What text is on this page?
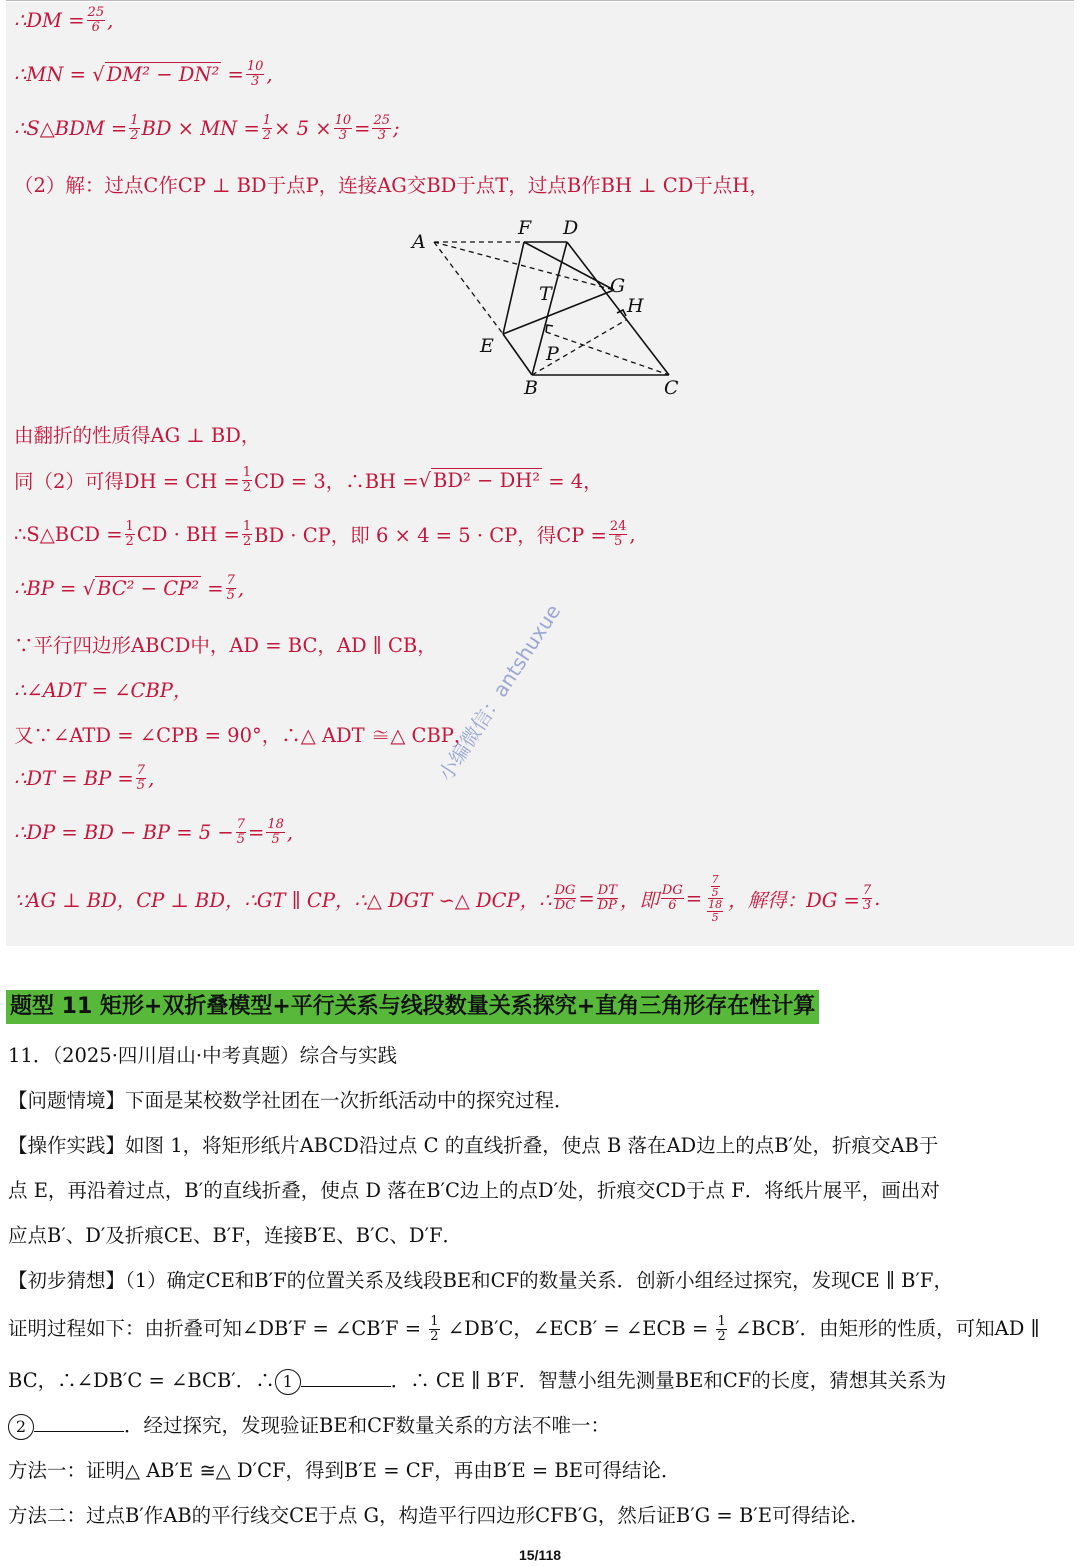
∴DM = $\frac{25}{6}$ ,
∴MN =
√ DM² − DN²
= $\frac{10}{3}$ ,
∴S△BDM = $\frac{1}{2}$ BD × MN = $\frac{1}{2} \times 5 \times \frac{10}{3} = \frac{25}{3}$ ;
（2）解：过点C作CP ⊥ BD于点P，连接AG交BD于点T，过点B作BH ⊥ CD于点H，
A
F D
T	G
H
E	P
B	C
由翻折的性质得AG ⊥ BD，
同（2）可得DH = CH = $\frac{1}{2}$ CD = 3，∴BH = √ BD² − DH²
= 4，
∴S△BCD = $\frac{1}{2}$ CD · BH = $\frac{1}{2}$ BD · CP，即 6 × 4 = 5 · CP，得CP = $\frac{24}{5}$ ,
∴BP =
√ BC² − CP²
= $\frac{7}{5}$ ,
∵平行四边形ABCD中，AD = BC，AD ∥ CB，
∴∠ADT = ∠CBP，
又∵∠ATD = ∠CPB = 90°，∴△ ADT ≅△ CBP，
∴DT = BP = $\frac{7}{5}$ ,
∴DP = BD − BP = $5 - \frac{7}{5} = \frac{18}{5}$ ,
∵AG ⊥ BD，CP ⊥ BD，∴GT ∥ CP，∴△ DGT ∽△ DCP，∴ $\frac{DG}{DC} = \frac{DT}{DP}$ ，即 $\frac{DG}{6} = \frac{\frac{7}{5}}{\frac{18}{5}}$ ，解得：DG = $\frac{7}{3}$ .
小编微信：antshuxue
题型 11 矩形+双折叠模型+平行关系与线段数量关系探究+直角三角形存在性计算
11．（2025·四川眉山·中考真题）综合与实践
【问题情境】下面是某校数学社团在一次折纸活动中的探究过程．
【操作实践】如图 1，将矩形纸片ABCD沿过点 C 的直线折叠，使点 B 落在AD边上的点B′处，折痕交AB于
点 E，再沿着过点，B′的直线折叠，使点 D 落在B′C边上的点D′处，折痕交CD于点 F．将纸片展平，画出对
应点B′、D′及折痕CE、B′F，连接B′E、B′C、D′F．
【初步猜想】（1）确定CE和B′F的位置关系及线段BE和CF的数量关系．创新小组经过探究，发现CE ∥ B′F，
证明过程如下：由折叠可知∠DB′F = ∠CB′F = $\frac{1}{2}$ ∠DB′C，∠ECB′ = ∠ECB = $\frac{1}{2}$ ∠BCB′．由矩形的性质，可知AD ∥
BC，∴∠DB′C = ∠BCB′．∴ 1	．∴ CE ∥ B′F．智慧小组先测量BE和CF的长度，猜想其关系为
2	．经过探究，发现验证BE和CF数量关系的方法不唯一：
方法一：证明△ AB′E ≅△ D′CF，得到B′E = CF，再由B′E = BE可得结论．
方法二：过点B′作AB的平行线交CE于点 G，构造平行四边形CFB′G，然后证B′G = B′E可得结论．
15/118
